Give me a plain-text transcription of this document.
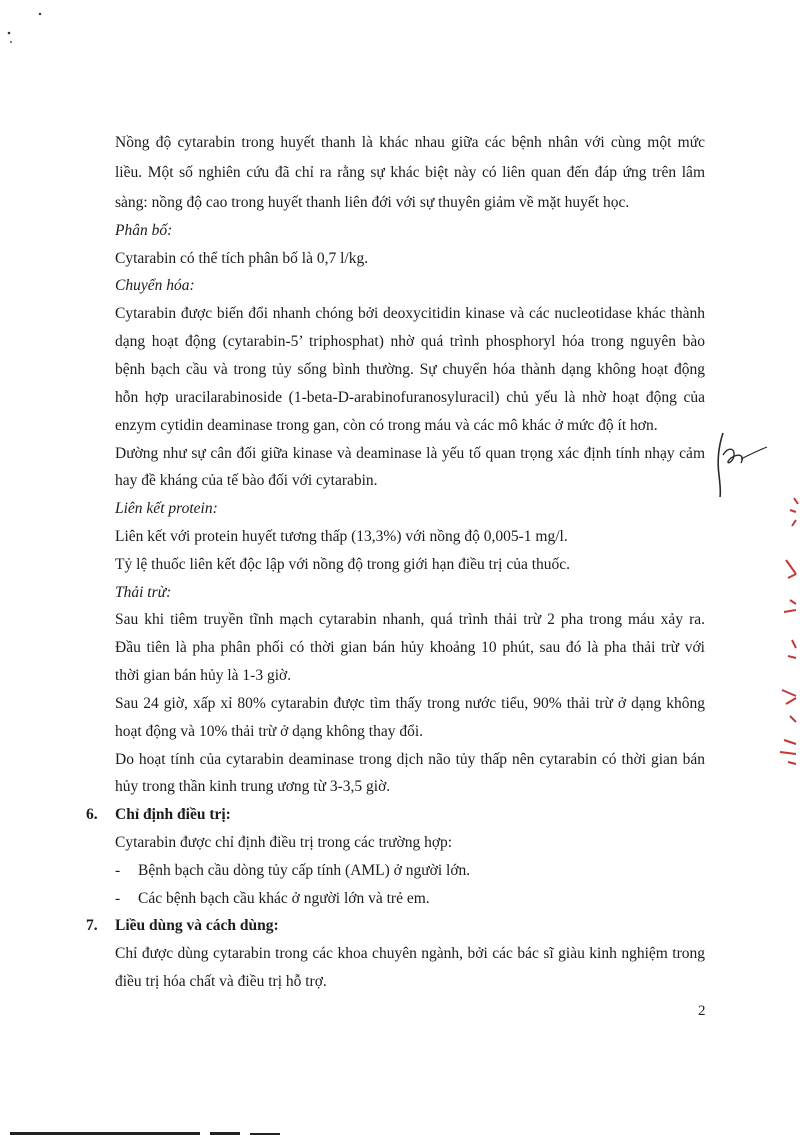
Nồng độ cytarabin trong huyết thanh là khác nhau giữa các bệnh nhân với cùng một mức
liều. Một số nghiên cứu đã chỉ ra rằng sự khác biệt này có liên quan đến đáp ứng trên lâm
sàng: nồng độ cao trong huyết thanh liên đới với sự thuyên giảm về mặt huyết học.
Phân bố:
Cytarabin có thể tích phân bố là 0,7 l/kg.
Chuyển hóa:
Cytarabin được biến đổi nhanh chóng bởi deoxycitidin kinase và các nucleotidase khác thành
dạng hoạt động (cytarabin-5’ triphosphat) nhờ quá trình phosphoryl hóa trong nguyên bào
bệnh bạch cầu và trong tủy sống bình thường. Sự chuyển hóa thành dạng không hoạt động
hỗn hợp uracilarabinoside (1-beta-D-arabinofuranosyluracil) chủ yếu là nhờ hoạt động của
enzym cytidin deaminase trong gan, còn có trong máu và các mô khác ở mức độ ít hơn.
Dường như sự cân đối giữa kinase và deaminase là yếu tố quan trọng xác định tính nhạy cảm
hay đề kháng của tế bào đối với cytarabin.
Liên kết protein:
Liên kết với protein huyết tương thấp (13,3%) với nồng độ 0,005-1 mg/l.
Tỷ lệ thuốc liên kết độc lập với nồng độ trong giới hạn điều trị của thuốc.
Thải trừ:
Sau khi tiêm truyền tĩnh mạch cytarabin nhanh, quá trình thải trừ 2 pha trong máu xảy ra.
Đầu tiên là pha phân phối có thời gian bán hủy khoảng 10 phút, sau đó là pha thải trừ với
thời gian bán hủy là 1-3 giờ.
Sau 24 giờ, xấp xỉ 80% cytarabin được tìm thấy trong nước tiểu, 90% thải trừ ở dạng không
hoạt động và 10% thải trừ ở dạng không thay đổi.
Do hoạt tính của cytarabin deaminase trong dịch não tủy thấp nên cytarabin có thời gian bán
hủy trong thần kinh trung ương từ 3-3,5 giờ.
6. Chỉ định điều trị:
Cytarabin được chỉ định điều trị trong các trường hợp:
- Bệnh bạch cầu dòng tủy cấp tính (AML) ở người lớn.
- Các bệnh bạch cầu khác ở người lớn và trẻ em.
7. Liều dùng và cách dùng:
Chỉ được dùng cytarabin trong các khoa chuyên ngành, bởi các bác sĩ giàu kinh nghiệm trong
điều trị hóa chất và điều trị hỗ trợ.
2
